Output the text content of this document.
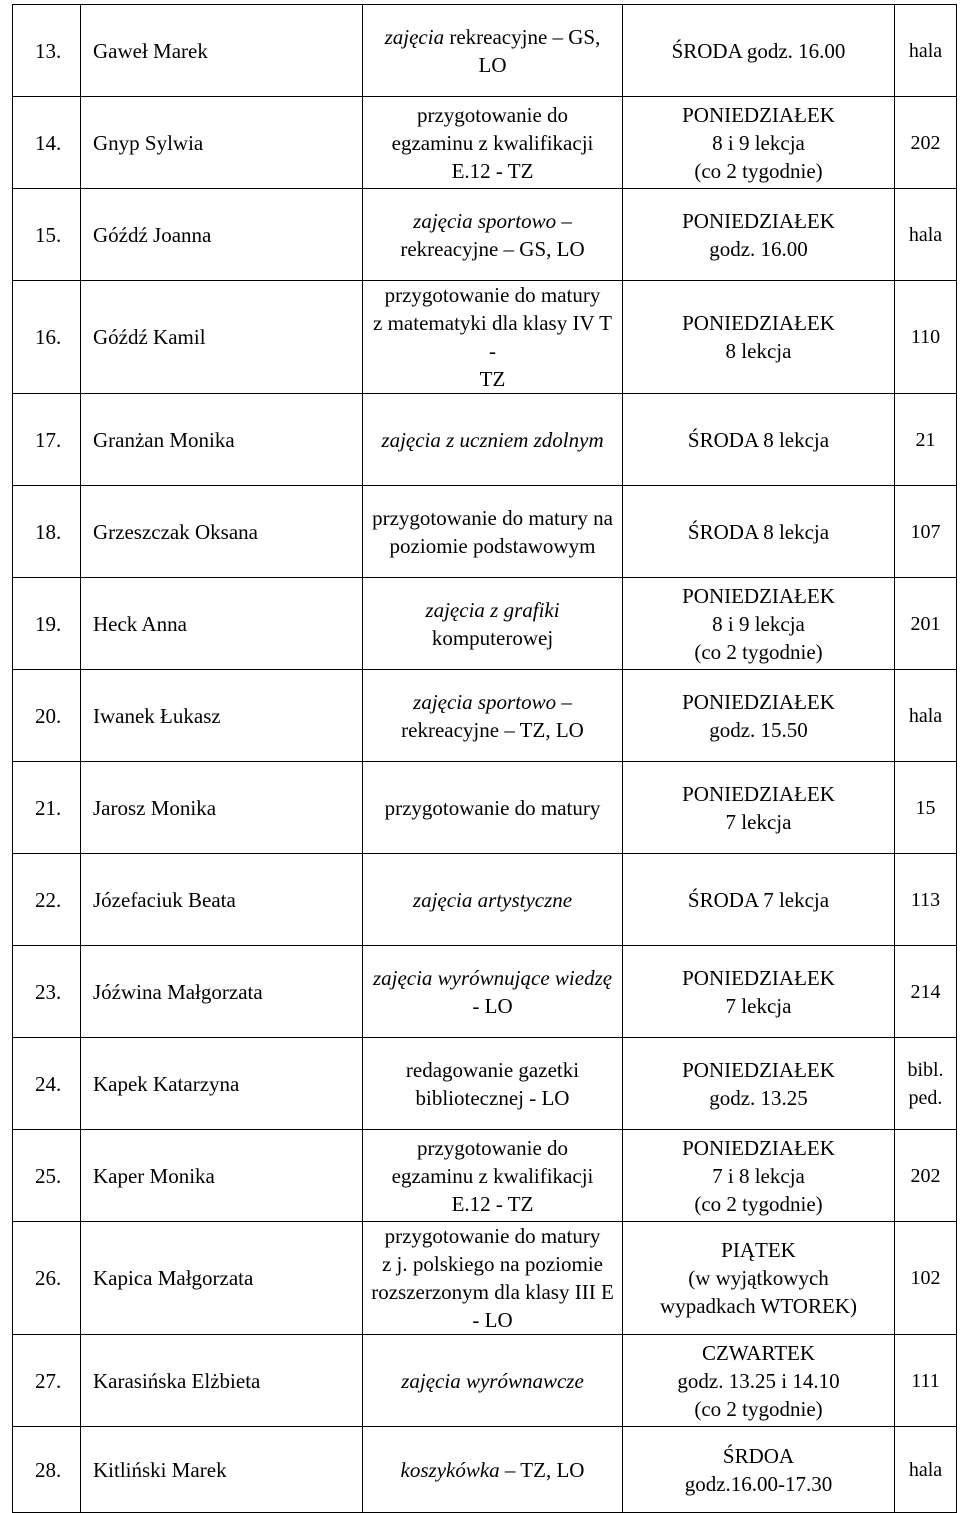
13.	Gaweł Marek	zajęcia rekreacyjne – GS, LO	ŚRODA godz. 16.00	hala
14.	Gnyp Sylwia	przygotowanie do
egzaminu z kwalifikacji
E.12 - TZ	PONIEDZIAŁEK
8 i 9 lekcja
(co 2 tygodnie)	202
15.	Góźdź Joanna	zajęcia sportowo –
rekreacyjne – GS, LO	PONIEDZIAŁEK
godz. 16.00	hala
16.	Góźdź Kamil	przygotowanie do matury
z matematyki dla klasy IV T -
TZ	PONIEDZIAŁEK
8 lekcja	110
17.	Granżan Monika	zajęcia z uczniem zdolnym	ŚRODA 8 lekcja	21
18.	Grzeszczak Oksana	przygotowanie do matury na
poziomie podstawowym	ŚRODA 8 lekcja	107
19.	Heck Anna	zajęcia z grafiki
komputerowej	PONIEDZIAŁEK
8 i 9 lekcja
(co 2 tygodnie)	201
20.	Iwanek Łukasz	zajęcia sportowo –
rekreacyjne – TZ, LO	PONIEDZIAŁEK
godz. 15.50	hala
21.	Jarosz Monika	przygotowanie do matury	PONIEDZIAŁEK
7 lekcja	15
22.	Józefaciuk Beata	zajęcia artystyczne	ŚRODA 7 lekcja	113
23.	Jóźwina Małgorzata	zajęcia wyrównujące wiedzę
- LO	PONIEDZIAŁEK
7 lekcja	214
24.	Kapek Katarzyna	redagowanie gazetki
bibliotecznej - LO	PONIEDZIAŁEK
godz. 13.25	bibl.
ped.

25.	Kaper Monika	przygotowanie do
egzaminu z kwalifikacji
E.12 - TZ	PONIEDZIAŁEK
7 i 8 lekcja
(co 2 tygodnie)	202
26.	Kapica Małgorzata	przygotowanie do matury
z j. polskiego na poziomie
rozszerzonym dla klasy III E
- LO	PIĄTEK
(w wyjątkowych
wypadkach WTOREK)	102
27.	Karasińska Elżbieta	zajęcia wyrównawcze	CZWARTEK
godz. 13.25 i 14.10
(co 2 tygodnie)	111
28.	Kitliński Marek	koszykówka – TZ, LO	ŚRDOA
godz.16.00-17.30	hala
